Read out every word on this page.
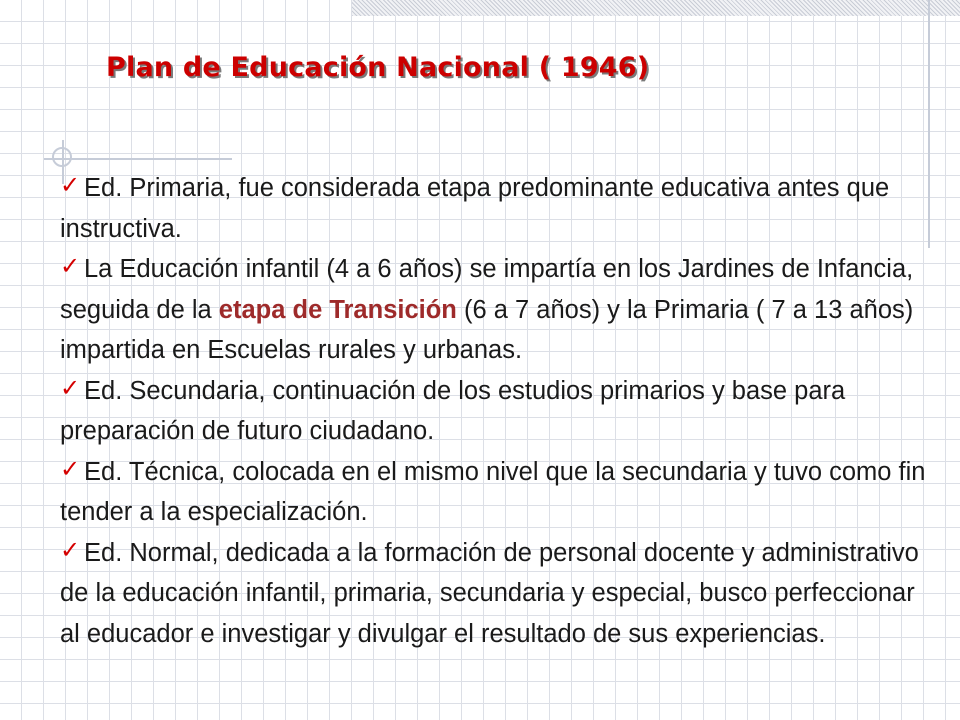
Plan de Educación Nacional ( 1946)
✓ Ed. Primaria, fue considerada etapa predominante educativa antes que instructiva.
✓ La Educación infantil (4 a 6 años) se impartía en los Jardines de Infancia, seguida de la etapa de Transición (6 a 7 años) y la Primaria ( 7 a 13 años) impartida en Escuelas rurales y urbanas.
✓ Ed. Secundaria, continuación de los estudios primarios y base para preparación de futuro ciudadano.
✓ Ed. Técnica, colocada en el mismo nivel que la secundaria y tuvo como fin tender a la especialización.
✓ Ed. Normal, dedicada a la formación de personal docente y administrativo de la educación infantil, primaria, secundaria y especial, busco perfeccionar al educador e investigar y divulgar el resultado de sus experiencias.
